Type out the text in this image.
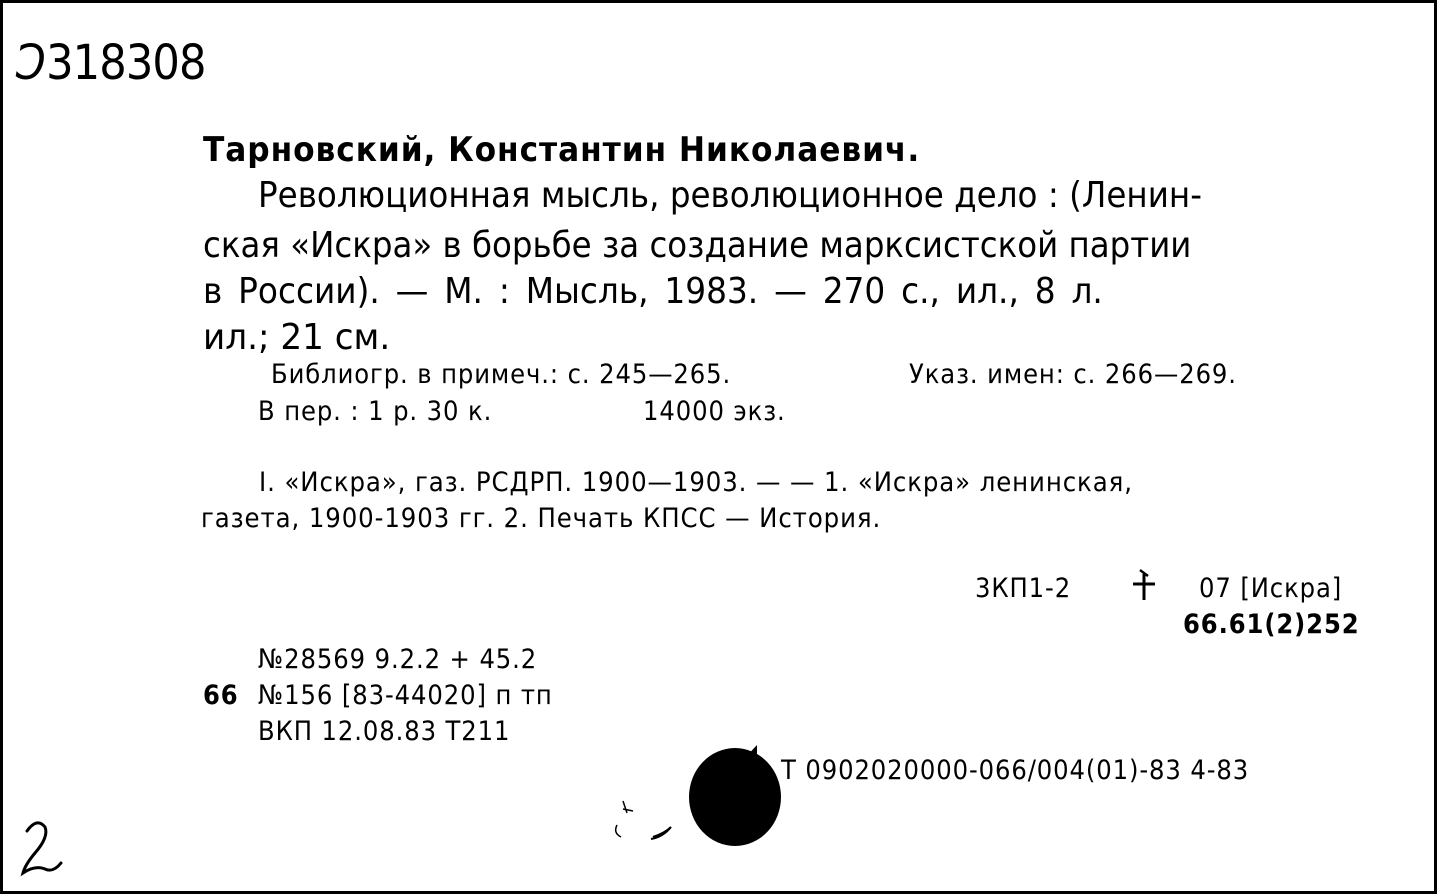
Ɔ318308
Тарновский, Константин Николаевич.
Революционная мысль, революционное дело : (Ленин-
ская «Искра» в борьбе за создание марксистской партии
в России). — М. : Мысль, 1983. — 270 с., ил., 8 л.
ил.; 21 см.
Библиогр. в примеч.: с. 245—265.	Указ. имен: с. 266—269.
В пер. : 1 р. 30 к.	14000 экз.
I. «Искра», газ. РСДРП. 1900—1903. — — 1. «Искра» ленинская,
газета, 1900-1903 гг. 2. Печать КПСС — История.
3КП1-2	07 [Искра]
66.61(2)252
№28569 9.2.2 + 45.2
66 №156 [83-44020] п тп
ВКП 12.08.83 Т211
Т 0902020000-066/004(01)-83 4-83
